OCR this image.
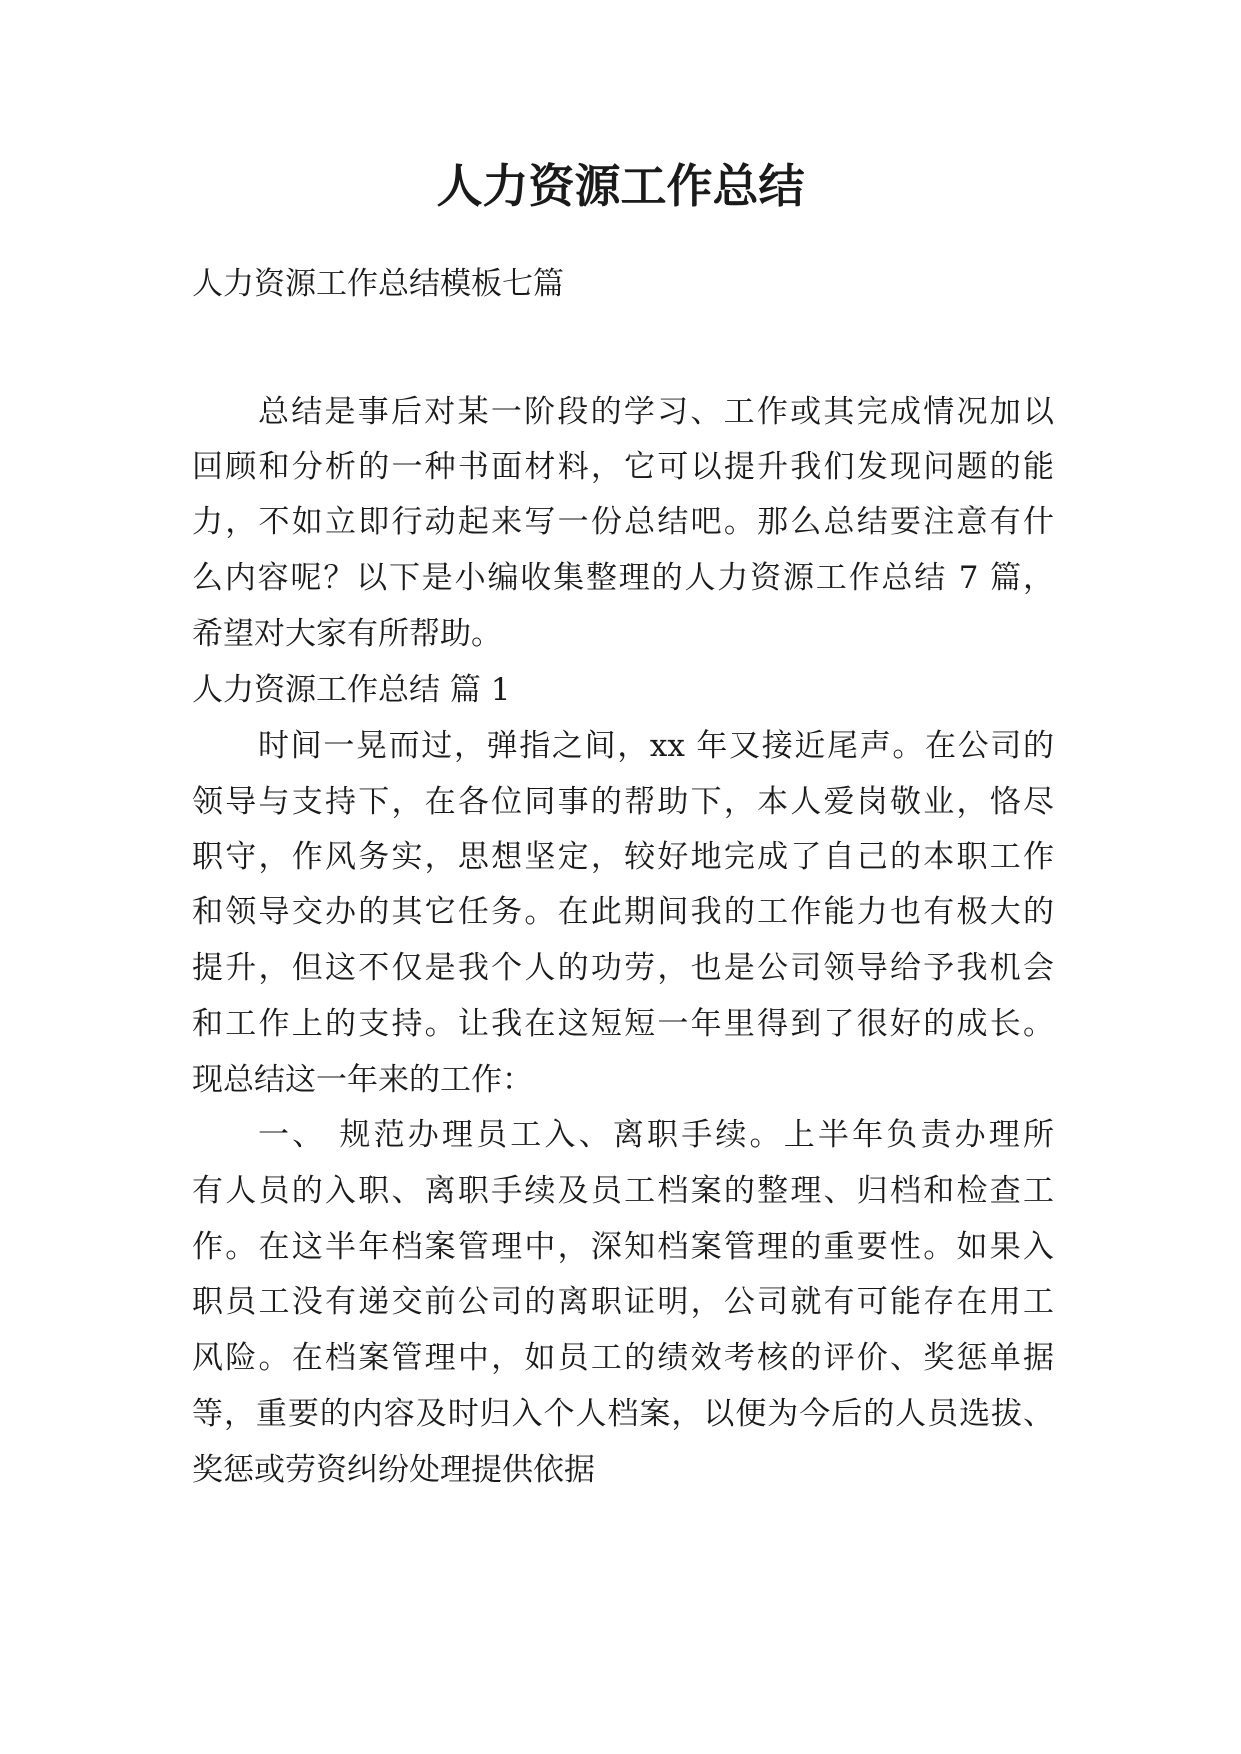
人力资源工作总结

人力资源工作总结模板七篇

总结是事后对某一阶段的学习、工作或其完成情况加以

回顾和分析的一种书面材料，它可以提升我们发现问题的能

力，不如立即行动起来写一份总结吧。那么总结要注意有什

么内容呢？以下是小编收集整理的人力资源工作总结 7 篇，

希望对大家有所帮助。

人力资源工作总结 篇 1

时间一晃而过，弹指之间，xx 年又接近尾声。在公司的

领导与支持下，在各位同事的帮助下，本人爱岗敬业，恪尽

职守，作风务实，思想坚定，较好地完成了自己的本职工作

和领导交办的其它任务。在此期间我的工作能力也有极大的

提升，但这不仅是我个人的功劳，也是公司领导给予我机会

和工作上的支持。让我在这短短一年里得到了很好的成长。

现总结这一年来的工作：

一、 规范办理员工入、离职手续。上半年负责办理所

有人员的入职、离职手续及员工档案的整理、归档和检查工

作。在这半年档案管理中，深知档案管理的重要性。如果入

职员工没有递交前公司的离职证明，公司就有可能存在用工

风险。在档案管理中，如员工的绩效考核的评价、奖惩单据

等，重要的内容及时归入个人档案，以便为今后的人员选拔、

奖惩或劳资纠纷处理提供依据
